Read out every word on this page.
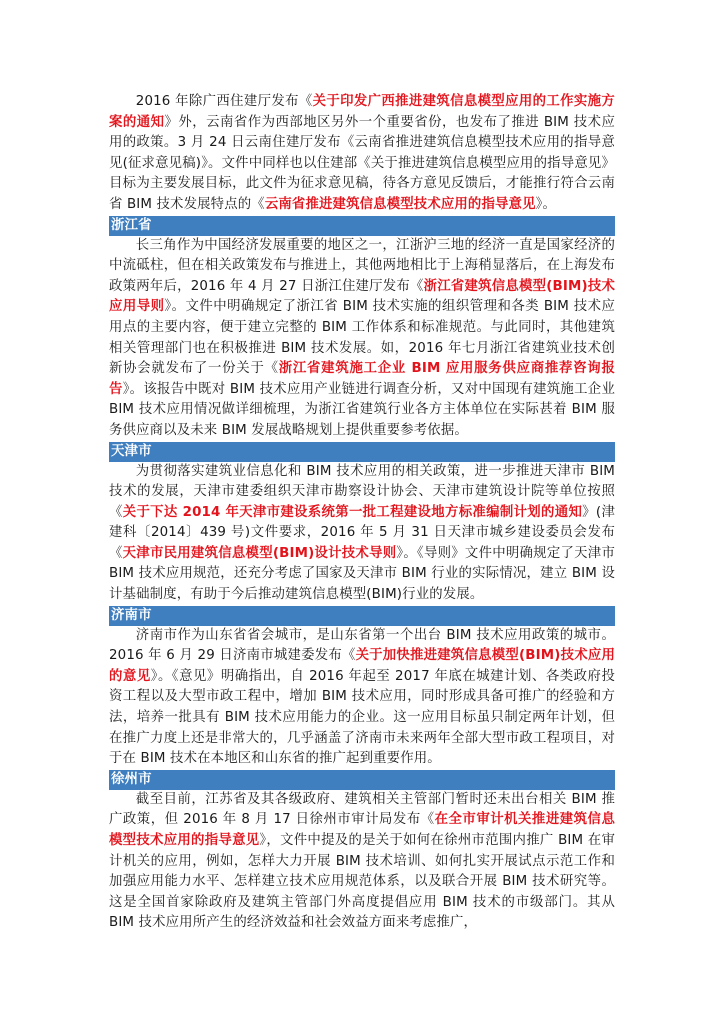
2016 年除广西住建厅发布《关于印发广西推进建筑信息模型应用的工作实施方案的通知》外，云南省作为西部地区另外一个重要省份，也发布了推进 BIM 技术应用的政策。3 月 24 日云南住建厅发布《云南省推进建筑信息模型技术应用的指导意见(征求意见稿)》。文件中同样也以住建部《关于推进建筑信息模型应用的指导意见》目标为主要发展目标，此文件为征求意见稿，待各方意见反馈后，才能推行符合云南省 BIM 技术发展特点的《云南省推进建筑信息模型技术应用的指导意见》。

浙江省

长三角作为中国经济发展重要的地区之一，江浙沪三地的经济一直是国家经济的中流砥柱，但在相关政策发布与推进上，其他两地相比于上海稍显落后，在上海发布政策两年后，2016 年 4 月 27 日浙江住建厅发布《浙江省建筑信息模型(BIM)技术应用导则》。文件中明确规定了浙江省 BIM 技术实施的组织管理和各类 BIM 技术应用点的主要内容，便于建立完整的 BIM 工作体系和标准规范。与此同时，其他建筑相关管理部门也在积极推进 BIM 技术发展。如，2016 年七月浙江省建筑业技术创新协会就发布了一份关于《浙江省建筑施工企业 BIM 应用服务供应商推荐咨询报告》。该报告中既对 BIM 技术应用产业链进行调查分析，又对中国现有建筑施工企业 BIM 技术应用情况做详细梳理，为浙江省建筑行业各方主体单位在实际甚着 BIM 服务供应商以及未来 BIM 发展战略规划上提供重要参考依据。

天津市

为贯彻落实建筑业信息化和 BIM 技术应用的相关政策，进一步推进天津市 BIM 技术的发展，天津市建委组织天津市勘察设计协会、天津市建筑设计院等单位按照《关于下达 2014 年天津市建设系统第一批工程建设地方标准编制计划的通知》(津建科〔2014〕439 号)文件要求，2016 年 5 月 31 日天津市城乡建设委员会发布《天津市民用建筑信息模型(BIM)设计技术导则》。《导则》文件中明确规定了天津市 BIM 技术应用规范，还充分考虑了国家及天津市 BIM 行业的实际情况，建立 BIM 设计基础制度，有助于今后推动建筑信息模型(BIM)行业的发展。

济南市

济南市作为山东省省会城市，是山东省第一个出台 BIM 技术应用政策的城市。2016 年 6 月 29 日济南市城建委发布《关于加快推进建筑信息模型(BIM)技术应用的意见》。《意见》明确指出，自 2016 年起至 2017 年底在城建计划、各类政府投资工程以及大型市政工程中，增加 BIM 技术应用，同时形成具备可推广的经验和方法，培养一批具有 BIM 技术应用能力的企业。这一应用目标虽只制定两年计划，但在推广力度上还是非常大的，几乎涵盖了济南市未来两年全部大型市政工程项目，对于在 BIM 技术在本地区和山东省的推广起到重要作用。

徐州市

截至目前，江苏省及其各级政府、建筑相关主管部门暂时还未出台相关 BIM 推广政策，但 2016 年 8 月 17 日徐州市审计局发布《在全市审计机关推进建筑信息模型技术应用的指导意见》，文件中提及的是关于如何在徐州市范围内推广 BIM 在审计机关的应用，例如，怎样大力开展 BIM 技术培训、如何扎实开展试点示范工作和加强应用能力水平、怎样建立技术应用规范体系，以及联合开展 BIM 技术研究等。这是全国首家除政府及建筑主管部门外高度提倡应用 BIM 技术的市级部门。其从 BIM 技术应用所产生的经济效益和社会效益方面来考虑推广，
